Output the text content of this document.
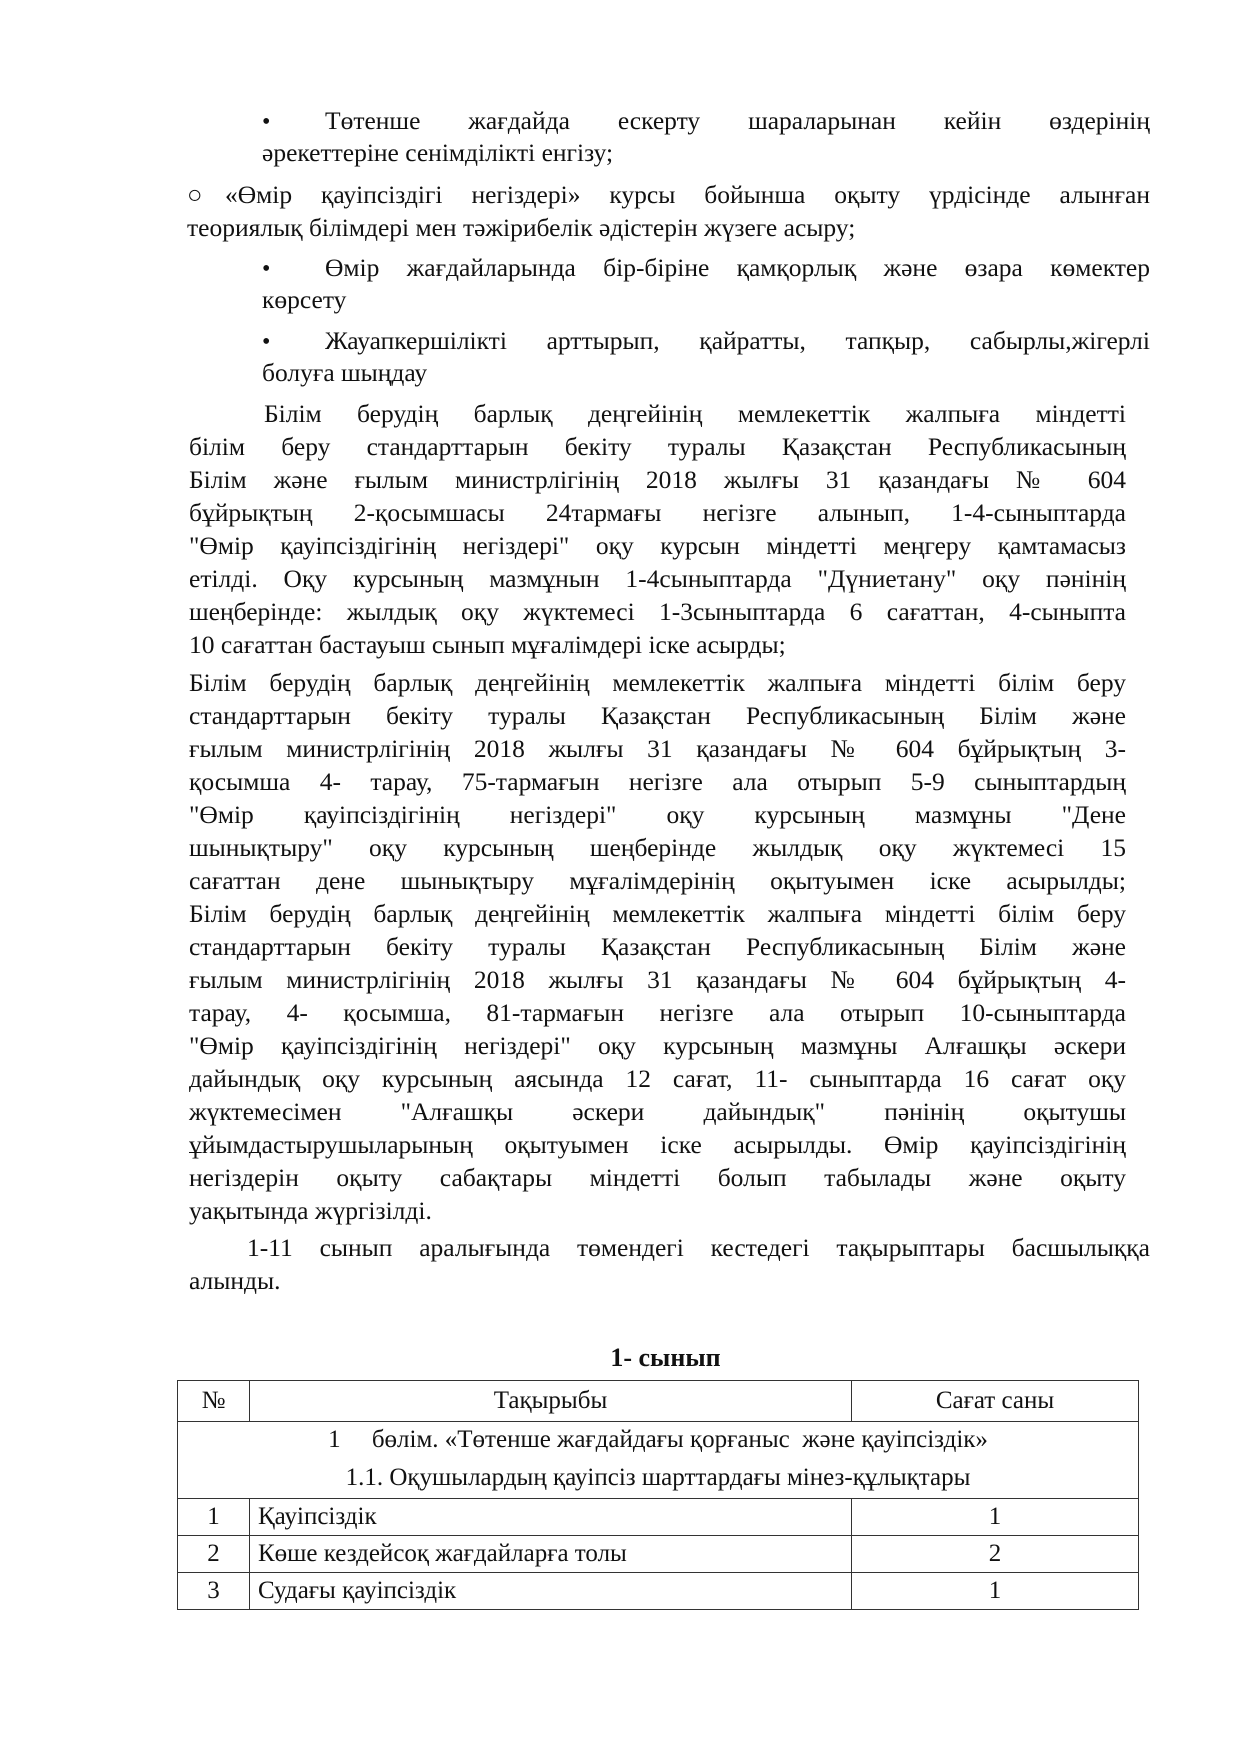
• Төтенше жағдайда ескерту шараларынан кейін өздерінің
әрекеттеріне сенімділікті енгізу;
○«Өмір қауіпсіздігі негіздері» курсы бойынша оқыту үрдісінде алынған
теориялық білімдері мен тәжірибелік әдістерін жүзеге асыру;
• Өмір жағдайларында бір-біріне қамқорлық және өзара көмектер
көрсету
• Жауапкершілікті арттырып, қайратты, тапқыр, сабырлы,жігерлі
болуға шыңдау
Білім берудің барлық деңгейінің мемлекеттік жалпыға міндетті
білім беру стандарттарын бекіту туралы Қазақстан Республикасының
Білім және ғылым министрлігінің 2018 жылғы 31 қазандағы № 604
бұйрықтың 2-қосымшасы 24тармағы негізге алынып, 1-4-сыныптарда
"Өмір қауіпсіздігінің негіздері" оқу курсын міндетті меңгеру қамтамасыз
етілді. Оқу курсының мазмұнын 1-4сыныптарда "Дүниетану" оқу пәнінің
шеңберінде: жылдық оқу жүктемесі 1-3сыныптарда 6 сағаттан, 4-сыныпта
10 сағаттан бастауыш сынып мұғалімдері іске асырды;
Білім берудің барлық деңгейінің мемлекеттік жалпыға міндетті білім беру
стандарттарын бекіту туралы Қазақстан Республикасының Білім және
ғылым министрлігінің 2018 жылғы 31 қазандағы № 604 бұйрықтың 3-
қосымша 4- тарау, 75-тармағын негізге ала отырып 5-9 сыныптардың
"Өмір қауіпсіздігінің негіздері" оқу курсының мазмұны "Дене
шынықтыру" оқу курсының шеңберінде жылдық оқу жүктемесі 15
сағаттан дене шынықтыру мұғалімдерінің оқытуымен іске асырылды;
Білім берудің барлық деңгейінің мемлекеттік жалпыға міндетті білім беру
стандарттарын бекіту туралы Қазақстан Республикасының Білім және
ғылым министрлігінің 2018 жылғы 31 қазандағы № 604 бұйрықтың 4-
тарау, 4- қосымша, 81-тармағын негізге ала отырып 10-сыныптарда
"Өмір қауіпсіздігінің негіздері" оқу курсының мазмұны Алғашқы әскери
дайындық оқу курсының аясында 12 сағат, 11- сыныптарда 16 сағат оқу
жүктемесімен "Алғашқы әскери дайындық" пәнінің оқытушы
ұйымдастырушыларының оқытуымен іске асырылды. Өмір қауіпсіздігінің
негіздерін оқыту сабақтары міндетті болып табылады және оқыту
уақытында жүргізілді.
1-11 сынып аралығында төмендегі кестедегі тақырыптары басшылыққа
алынды.
1- сынып
№	Тақырыбы	Сағат саны

1     бөлім. «Төтенше жағдайдағы қорғаныс  және қауіпсіздік»
1.1. Оқушылардың қауіпсіз шарттардағы мінез-құлықтары		

1	Қауіпсіздік	1
2	Көше кездейсоқ жағдайларға толы	2
3	Судағы қауіпсіздік	1
